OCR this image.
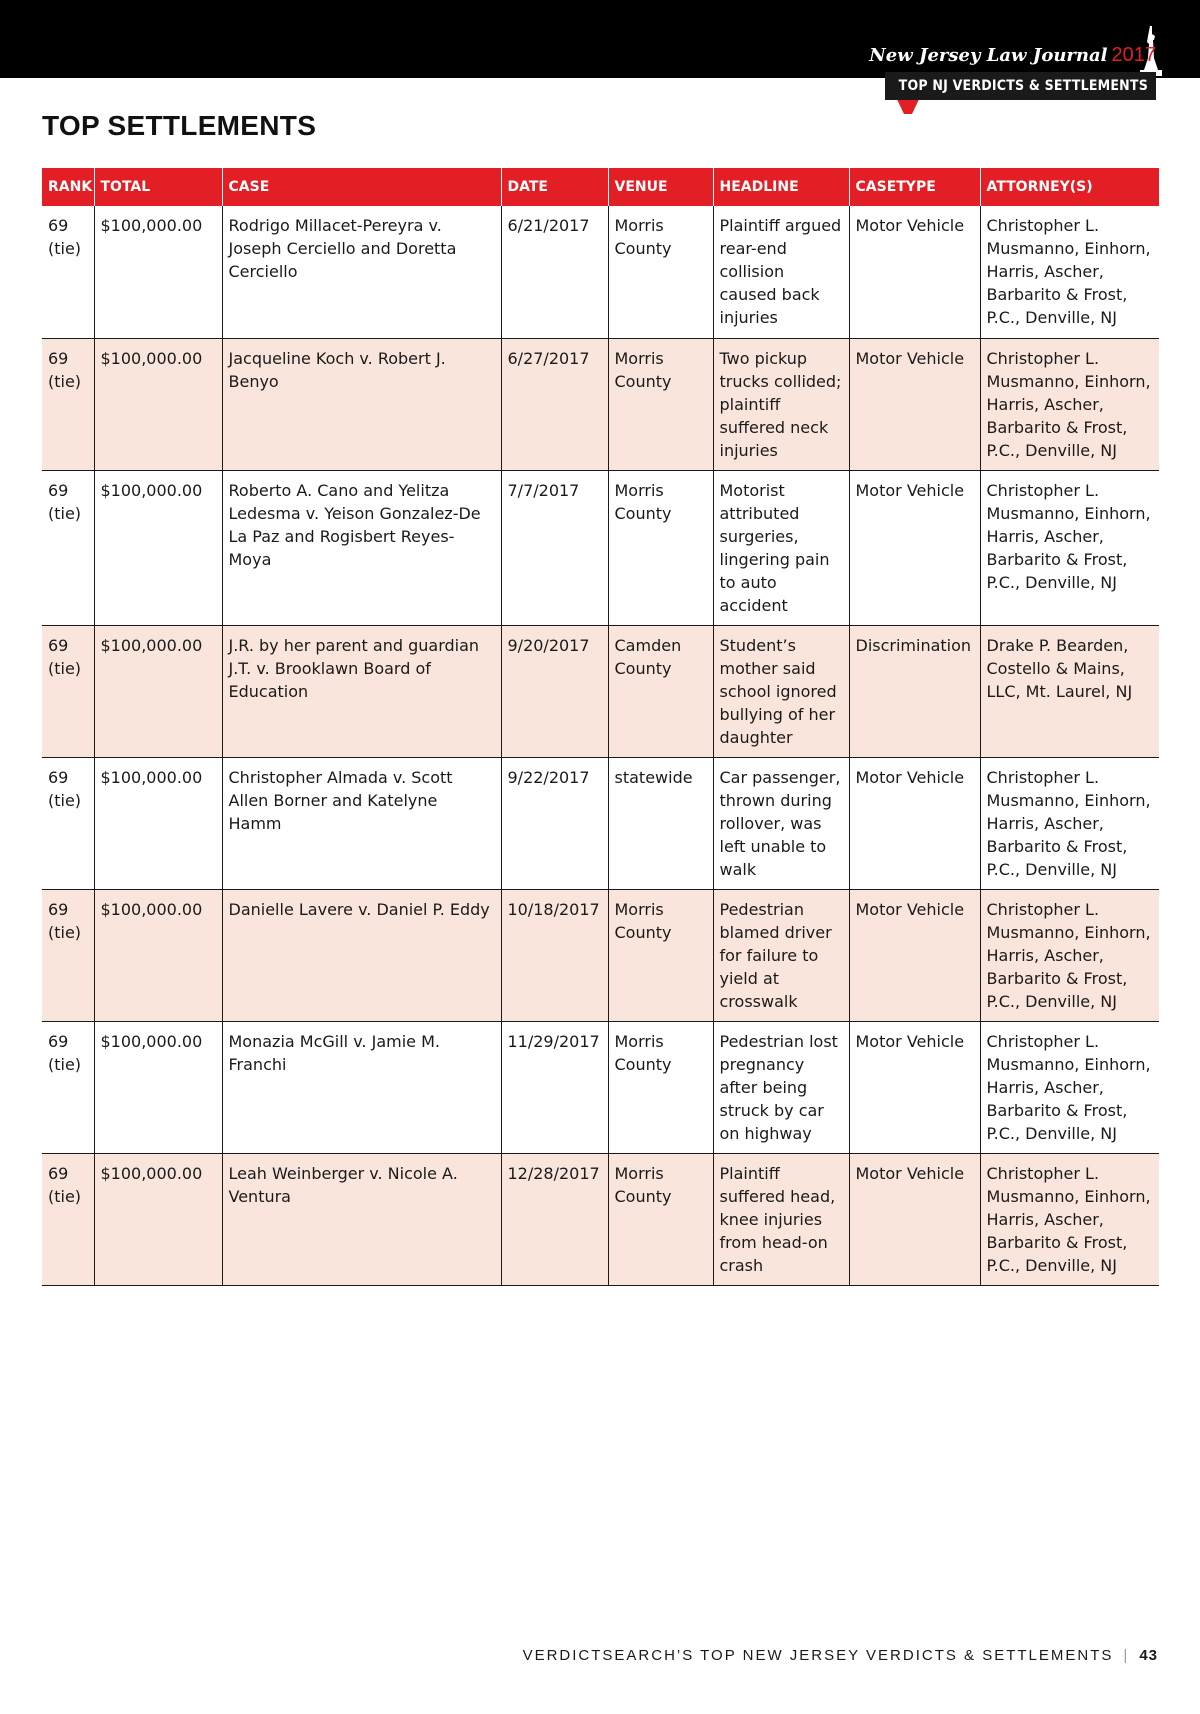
New Jersey Law Journal 2017
TOP NJ VERDICTS & SETTLEMENTS
TOP SETTLEMENTS
RANK	TOTAL	CASE	DATE	VENUE	HEADLINE	CASETYPE	ATTORNEY(S)
69 (tie)	$100,000.00	Rodrigo Millacet-Pereyra v. Joseph Cerciello and Doretta Cerciello	6/21/2017	Morris County	Plaintiff argued rear-end collision caused back injuries	Motor Vehicle	Christopher L. Musmanno, Einhorn, Harris, Ascher, Barbarito & Frost, P.C., Denville, NJ
69 (tie)	$100,000.00	Jacqueline Koch v. Robert J. Benyo	6/27/2017	Morris County	Two pickup trucks collided; plaintiff suffered neck injuries	Motor Vehicle	Christopher L. Musmanno, Einhorn, Harris, Ascher, Barbarito & Frost, P.C., Denville, NJ
69 (tie)	$100,000.00	Roberto A. Cano and Yelitza Ledesma v. Yeison Gonzalez-De La Paz and Rogisbert Reyes-Moya	7/7/2017	Morris County	Motorist attributed surgeries, lingering pain to auto accident	Motor Vehicle	Christopher L. Musmanno, Einhorn, Harris, Ascher, Barbarito & Frost, P.C., Denville, NJ
69 (tie)	$100,000.00	J.R. by her parent and guardian J.T. v. Brooklawn Board of Education	9/20/2017	Camden County	Student’s mother said school ignored bullying of her daughter	Discrimination	Drake P. Bearden, Costello & Mains, LLC, Mt. Laurel, NJ
69 (tie)	$100,000.00	Christopher Almada v. Scott Allen Borner and Katelyne Hamm	9/22/2017	statewide	Car passenger, thrown during rollover, was left unable to walk	Motor Vehicle	Christopher L. Musmanno, Einhorn, Harris, Ascher, Barbarito & Frost, P.C., Denville, NJ
69 (tie)	$100,000.00	Danielle Lavere v. Daniel P. Eddy	10/18/2017	Morris County	Pedestrian blamed driver for failure to yield at crosswalk	Motor Vehicle	Christopher L. Musmanno, Einhorn, Harris, Ascher, Barbarito & Frost, P.C., Denville, NJ
69 (tie)	$100,000.00	Monazia McGill v. Jamie M. Franchi	11/29/2017	Morris County	Pedestrian lost pregnancy after being struck by car on highway	Motor Vehicle	Christopher L. Musmanno, Einhorn, Harris, Ascher, Barbarito & Frost, P.C., Denville, NJ
69 (tie)	$100,000.00	Leah Weinberger v. Nicole A. Ventura	12/28/2017	Morris County	Plaintiff suffered head, knee injuries from head-on crash	Motor Vehicle	Christopher L. Musmanno, Einhorn, Harris, Ascher, Barbarito & Frost, P.C., Denville, NJ
VERDICTSEARCH’S TOP NEW JERSEY VERDICTS & SETTLEMENTS | 43
